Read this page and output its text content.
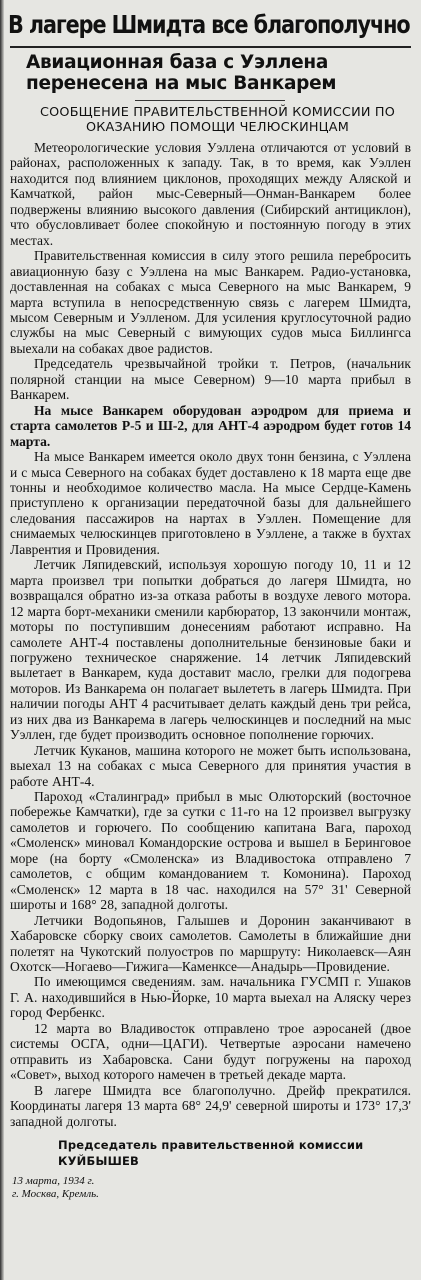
В лагере Шмидта все благополучно
Авиационная база с Уэллена перенесена на мыс Ванкарем
СООБЩЕНИЕ ПРАВИТЕЛЬСТВЕННОЙ КОМИССИИ ПО ОКАЗАНИЮ ПОМОЩИ ЧЕЛЮСКИНЦАМ

Метеорологические условия Уэллена отличаются от условий в районах, расположенных к западу. Так, в то время, как Уэллен находится под влиянием циклонов, проходящих между Аляской и Камчаткой, район мыс-Северный—Онман-Ванкарем более подвержены влиянию высокого давления (Сибирский антициклон), что обусловливает более спокойную и постоянную погоду в этих местах.

Правительственная комиссия в силу этого решила перебросить авиационную базу с Уэллена на мыс Ванкарем. Радио-установка, доставленная на собаках с мыса Северного на мыс Ванкарем, 9 марта вступила в непосредственную связь с лагерем Шмидта, мысом Северным и Уэлленом. Для усиления круглосуточной радио службы на мыс Северный с вимующих судов мыса Биллингса выехали на собаках двое радистов.

Председатель чрезвычайной тройки т. Петров, (начальник полярной станции на мысе Северном) 9—10 марта прибыл в Ванкарем.

На мысе Ванкарем оборудован аэродром для приема и старта самолетов Р-5 и Ш-2, для АНТ-4 аэродром будет готов 14 марта.

На мысе Ванкарем имеется около двух тонн бензина, с Уэллена и с мыса Северного на собаках будет доставлено к 18 марта еще две тонны и необходимое количество масла. На мысе Сердце-Камень приступлено к организации передаточной базы для дальнейшего следования пассажиров на нартах в Уэллен. Помещение для снимаемых челюскинцев приготовлено в Уэллене, а также в бухтах Лаврентия и Провидения.

Летчик Ляпидевский, используя хорошую погоду 10, 11 и 12 марта произвел три попытки добраться до лагеря Шмидта, но возвращался обратно из-за отказа работы в воздухе левого мотора. 12 марта борт-механики сменили карбюратор, 13 закончили монтаж, моторы по поступившим донесениям работают исправно. На самолете АНТ-4 поставлены дополнительные бензиновые баки и погружено техническое снаряжение. 14 летчик Ляпидевский вылетает в Ванкарем, куда доставит масло, грелки для подогрева моторов. Из Ванкарема он полагает вылететь в лагерь Шмидта. При наличии погоды АНТ 4 расчитывает делать каждый день три рейса, из них два из Ванкарема в лагерь челюскинцев и последний на мыс Уэллен, где будет производить основное пополнение горючих.

Летчик Куканов, машина которого не может быть использована, выехал 13 на собаках с мыса Северного для принятия участия в работе АНТ-4.

Пароход «Сталинград» прибыл в мыс Олюторский (восточное побережье Камчатки), где за сутки с 11-го на 12 произвел выгрузку самолетов и горючего. По сообщению капитана Вага, пароход «Смоленск» миновал Командорские острова и вышел в Беринговое море (на борту «Смоленска» из Владивостока отправлено 7 самолетов, с общим командованием т. Комонина). Пароход «Смоленск» 12 марта в 18 час. находился на 57° 31' Северной широты и 168° 28, западной долготы.

Летчики Водопьянов, Галышев и Доронин заканчивают в Хабаровске сборку своих самолетов. Самолеты в ближайшие дни полетят на Чукотский полуостров по маршруту: Николаевск—Аян Охотск—Ногаево—Гижига—Каменксе—Анадырь—Провидение.

По имеющимся сведениям. зам. начальника ГУСМП г. Ушаков Г. А. находившийся в Нью-Йорке, 10 марта выехал на Аляску через город Фербенкс.

12 марта во Владивосток отправлено трое аэросаней (двое системы ОСГА, одни—ЦАГИ). Четвертые аэросани намечено отправить из Хабаровска. Сани будут погружены на пароход «Совет», выход которого намечен в третьей декаде марта.

В лагере Шмидта все благополучно. Дрейф прекратился. Координаты лагеря 13 марта 68° 24,9' северной широты и 173° 17,3' западной долготы.

Председатель правительственной комиссии КУЙБЫШЕВ
13 марта, 1934 г.
г. Москва, Кремль.
